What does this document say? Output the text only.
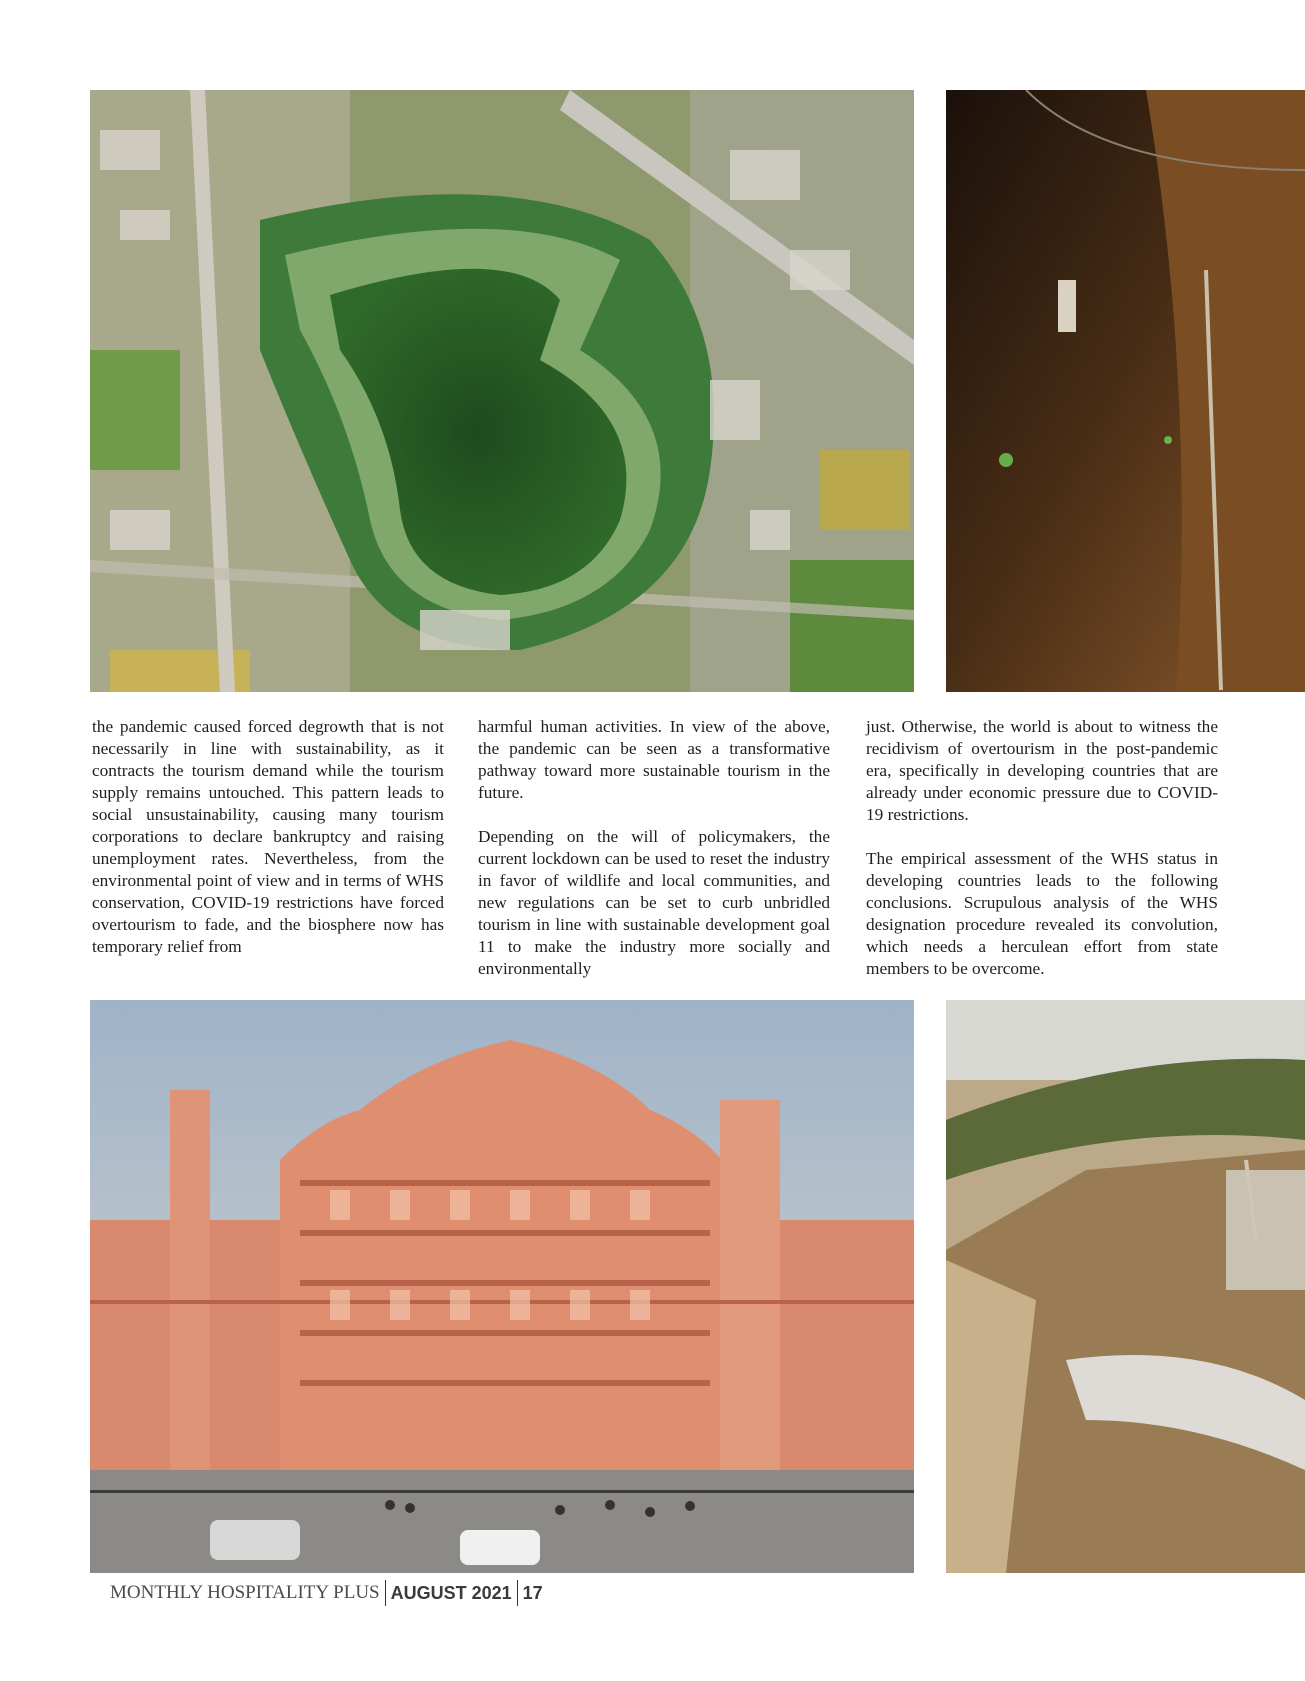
the pandemic caused forced degrowth that is not necessarily in line with sustainability, as it contracts the tourism demand while the tourism supply remains untouched. This pattern leads to social unsustainability, causing many tourism corporations to declare bankruptcy and raising unemployment rates. Nevertheless, from the environmental point of view and in terms of WHS conservation, COVID-19 restrictions have forced overtourism to fade, and the biosphere now has temporary relief from

harmful human activities. In view of the above, the pandemic can be seen as a transformative pathway toward more sustainable tourism in the future.

Depending on the will of policymakers, the current lockdown can be used to reset the industry in favor of wildlife and local communities, and new regulations can be set to curb unbridled tourism in line with sustainable development goal 11 to make the industry more socially and environmentally

just. Otherwise, the world is about to witness the recidivism of overtourism in the post-pandemic era, specifically in developing countries that are already under economic pressure due to COVID-19 restrictions.

The empirical assessment of the WHS status in developing countries leads to the following conclusions. Scrupulous analysis of the WHS designation procedure revealed its convolution, which needs a herculean effort from state members to be overcome.

MONTHLY HOSPITALITY PLUS AUGUST 2021 17
